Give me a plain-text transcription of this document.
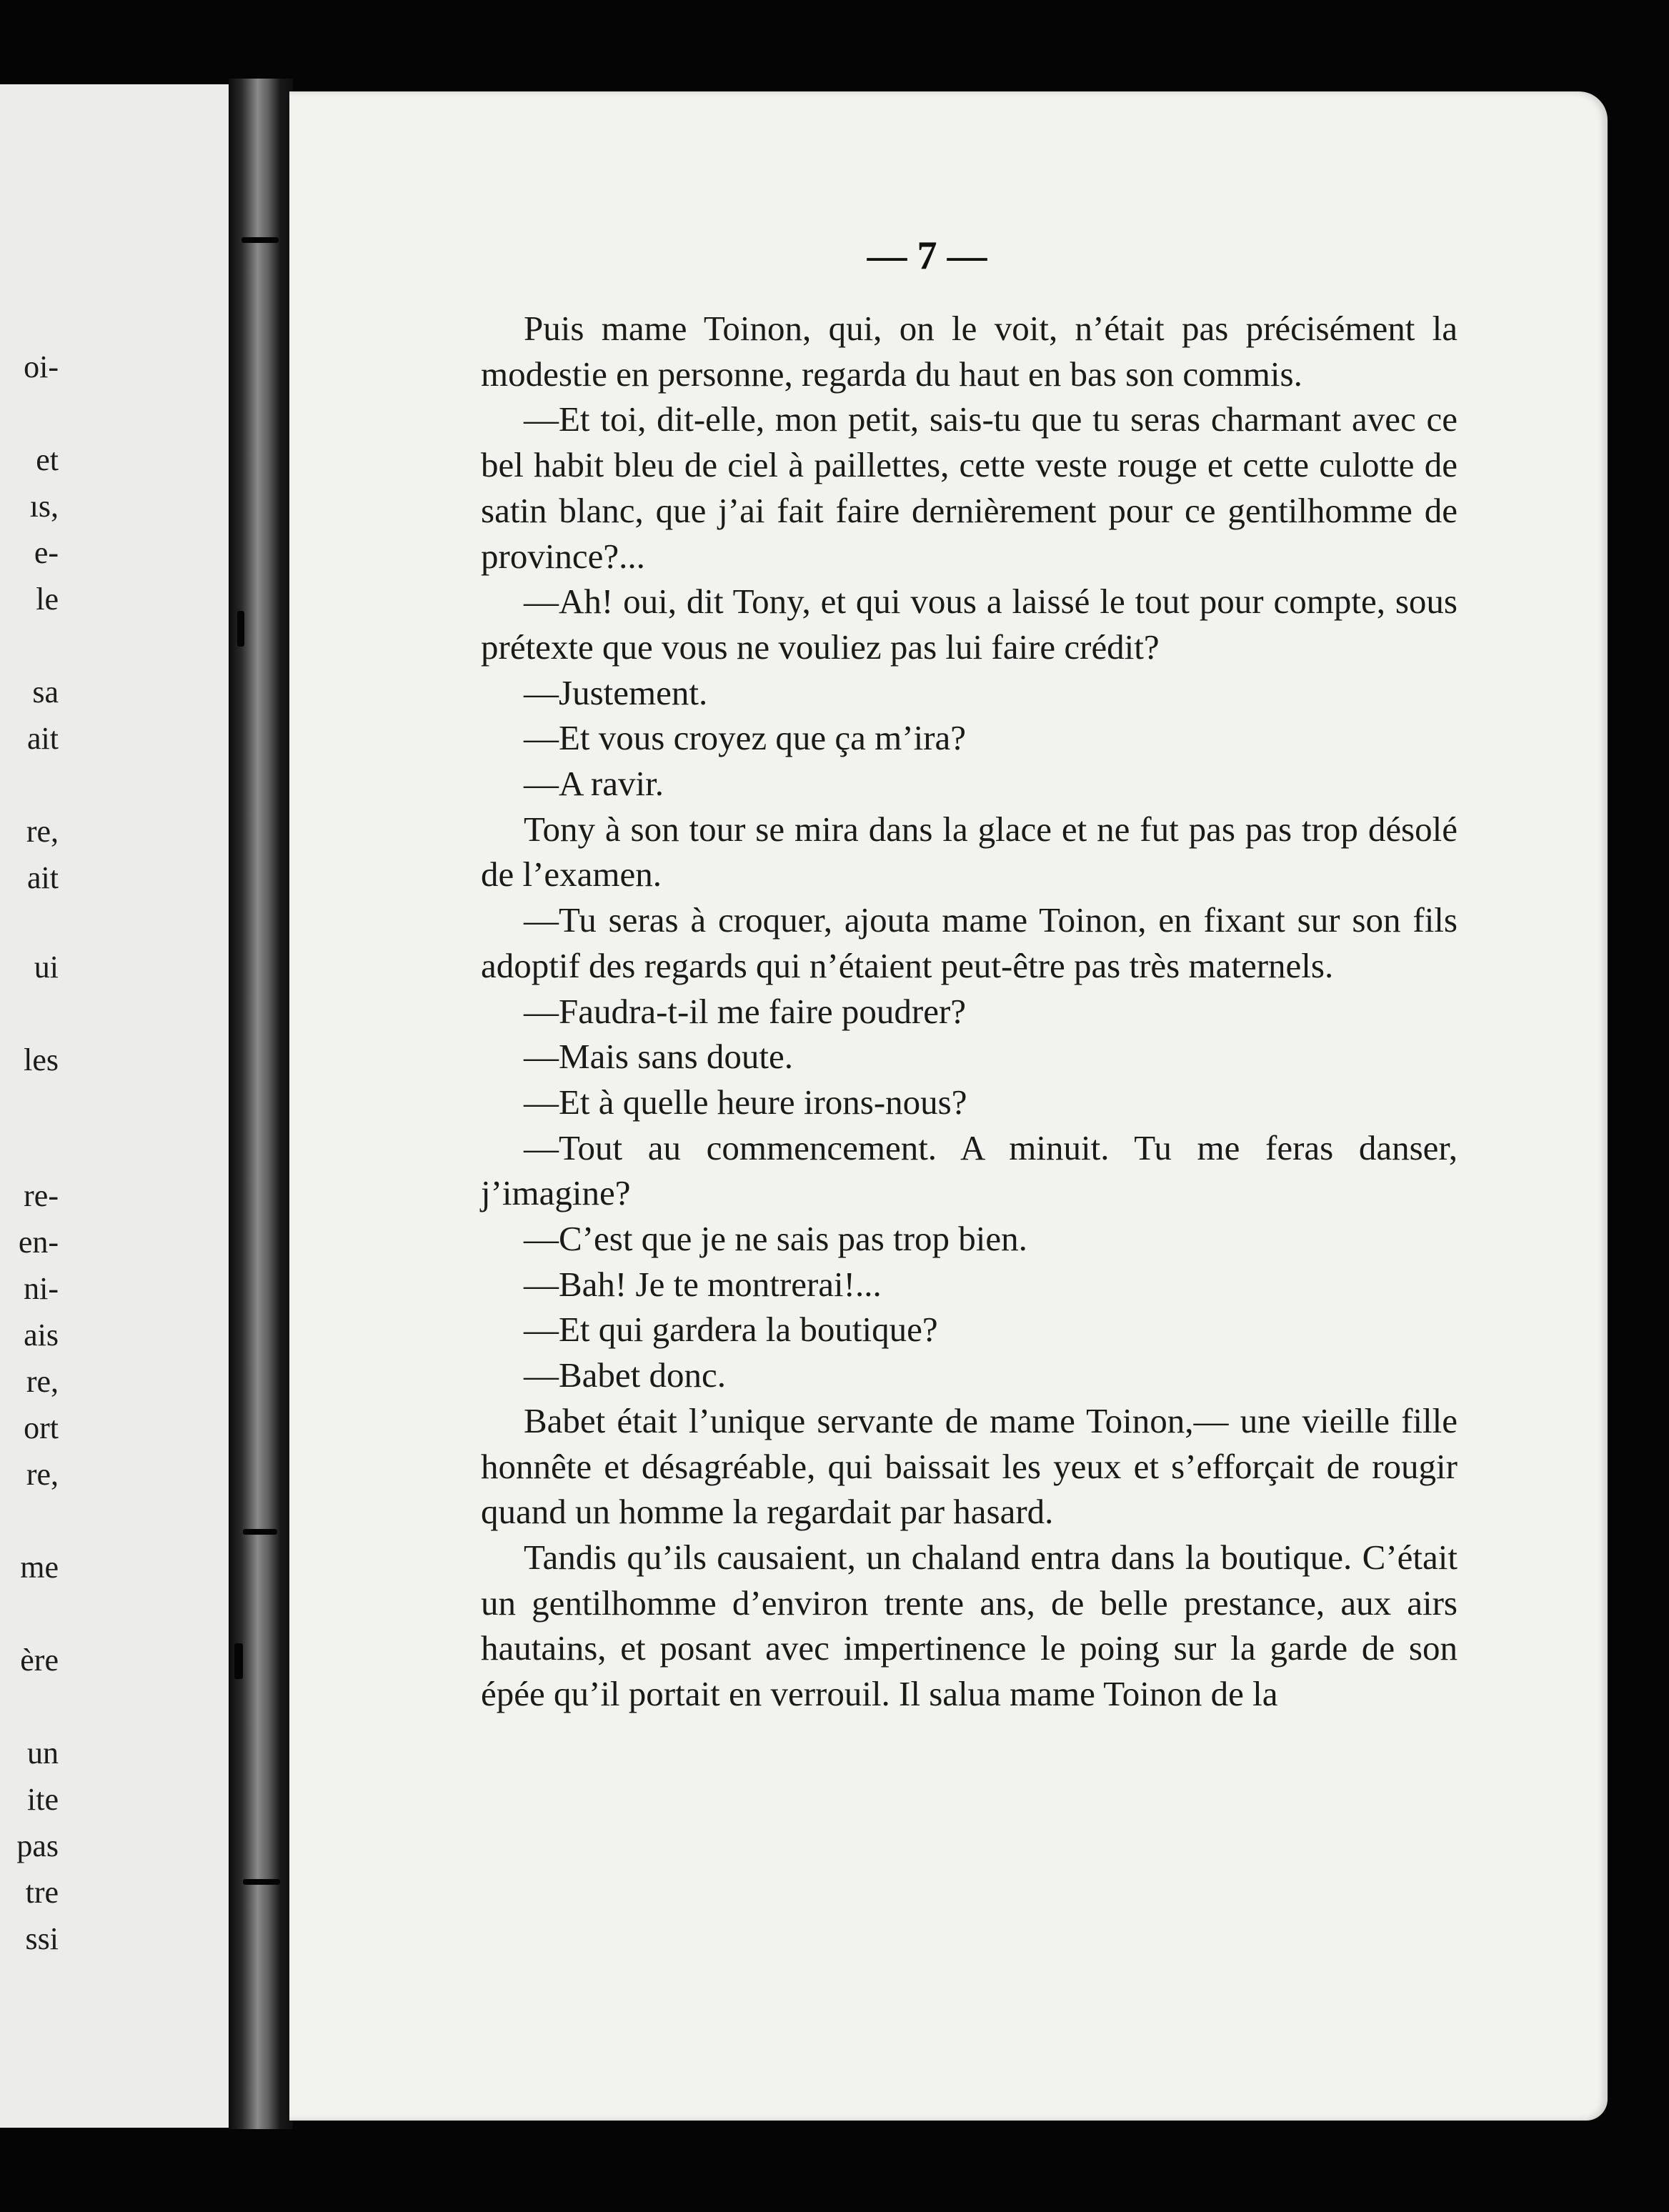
oi-
et
ıs,
e-
le
sa
ait
re,
ait
ui
les
re-
en-
ni-
ais
re,
ort
re,
me
ère
un
ite
pas
tre
ssi
— 7 —

Puis mame Toinon, qui, on le voit, n’était pas précisément la modestie en personne, regarda du haut en bas son commis.

—Et toi, dit-elle, mon petit, sais-tu que tu seras charmant avec ce bel habit bleu de ciel à paillettes, cette veste rouge et cette culotte de satin blanc, que j’ai fait faire dernièrement pour ce gentilhomme de province?...

—Ah! oui, dit Tony, et qui vous a laissé le tout pour compte, sous prétexte que vous ne vouliez pas lui faire crédit?

—Justement.

—Et vous croyez que ça m’ira?

—A ravir.

Tony à son tour se mira dans la glace et ne fut pas pas trop désolé de l’examen.

—Tu seras à croquer, ajouta mame Toinon, en fixant sur son fils adoptif des regards qui n’étaient peut-être pas très maternels.

—Faudra-t-il me faire poudrer?

—Mais sans doute.

—Et à quelle heure irons-nous?

—Tout au commencement. A minuit. Tu me feras danser, j’imagine?

—C’est que je ne sais pas trop bien.

—Bah! Je te montrerai!...

—Et qui gardera la boutique?

—Babet donc.

Babet était l’unique servante de mame Toinon,— une vieille fille honnête et désagréable, qui baissait les yeux et s’efforçait de rougir quand un homme la regardait par hasard.

Tandis qu’ils causaient, un chaland entra dans la boutique. C’était un gentilhomme d’environ trente ans, de belle prestance, aux airs hautains, et posant avec impertinence le poing sur la garde de son épée qu’il portait en verrouil. Il salua mame Toinon de la
